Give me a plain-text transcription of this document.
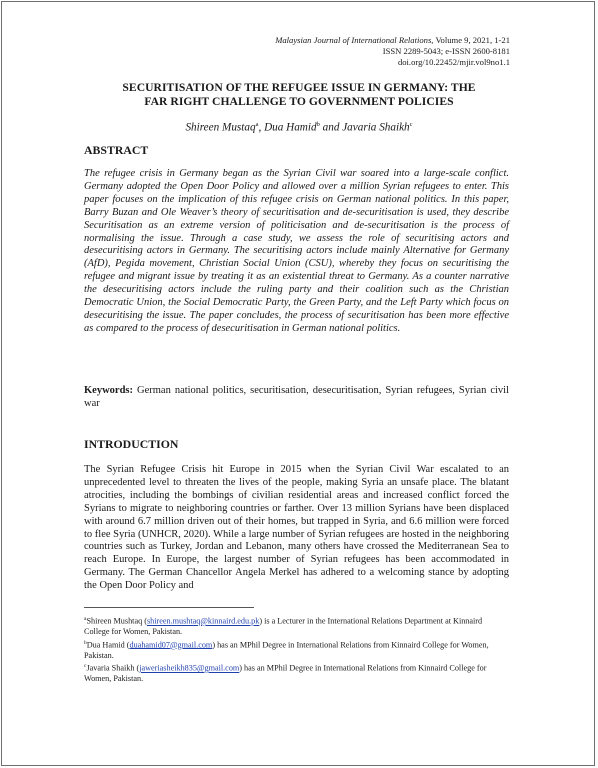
Malaysian Journal of International Relations, Volume 9, 2021, 1-21
ISSN 2289-5043; e-ISSN 2600-8181
doi.org/10.22452/mjir.vol9no1.1
SECURITISATION OF THE REFUGEE ISSUE IN GERMANY: THE
FAR RIGHT CHALLENGE TO GOVERNMENT POLICIES
Shireen Mustaq$^a$, Dua Hamid$^b$ and Javaria Shaikh$^c$
ABSTRACT
The refugee crisis in Germany began as the Syrian Civil war soared into a large-scale conflict. Germany adopted the Open Door Policy and allowed over a million Syrian refugees to enter. This paper focuses on the implication of this refugee crisis on German national politics. In this paper, Barry Buzan and Ole Weaver’s theory of securitisation and de-securitisation is used, they describe Securitisation as an extreme version of politicisation and de-securitisation is the process of normalising the issue. Through a case study, we assess the role of securitising actors and desecuritising actors in Germany. The securitising actors include mainly Alternative for Germany (AfD), Pegida movement, Christian Social Union (CSU), whereby they focus on securitising the refugee and migrant issue by treating it as an existential threat to Germany. As a counter narrative the desecuritising actors include the ruling party and their coalition such as the Christian Democratic Union, the Social Democratic Party, the Green Party, and the Left Party which focus on desecuritising the issue. The paper concludes, the process of securitisation has been more effective as compared to the process of desecuritisation in German national politics.
Keywords: German national politics, securitisation, desecuritisation, Syrian refugees, Syrian civil war
INTRODUCTION
The Syrian Refugee Crisis hit Europe in 2015 when the Syrian Civil War escalated to an unprecedented level to threaten the lives of the people, making Syria an unsafe place. The blatant atrocities, including the bombings of civilian residential areas and increased conflict forced the Syrians to migrate to neighboring countries or farther. Over 13 million Syrians have been displaced with around 6.7 million driven out of their homes, but trapped in Syria, and 6.6 million were forced to flee Syria (UNHCR, 2020). While a large number of Syrian refugees are hosted in the neighboring countries such as Turkey, Jordan and Lebanon, many others have crossed the Mediterranean Sea to reach Europe. In Europe, the largest number of Syrian refugees has been accommodated in Germany. The German Chancellor Angela Merkel has adhered to a welcoming stance by adopting the Open Door Policy and

$^a$Shireen Mushtaq (shireen.mushtaq@kinnaird.edu.pk) is a Lecturer in the International Relations Department at Kinnaird College for Women, Pakistan.

$^b$Dua Hamid (duahamid07@gmail.com) has an MPhil Degree in International Relations from Kinnaird College for Women, Pakistan.

$^c$Javaria Shaikh (jaweriasheikh835@gmail.com) has an MPhil Degree in International Relations from Kinnaird College for Women, Pakistan.
